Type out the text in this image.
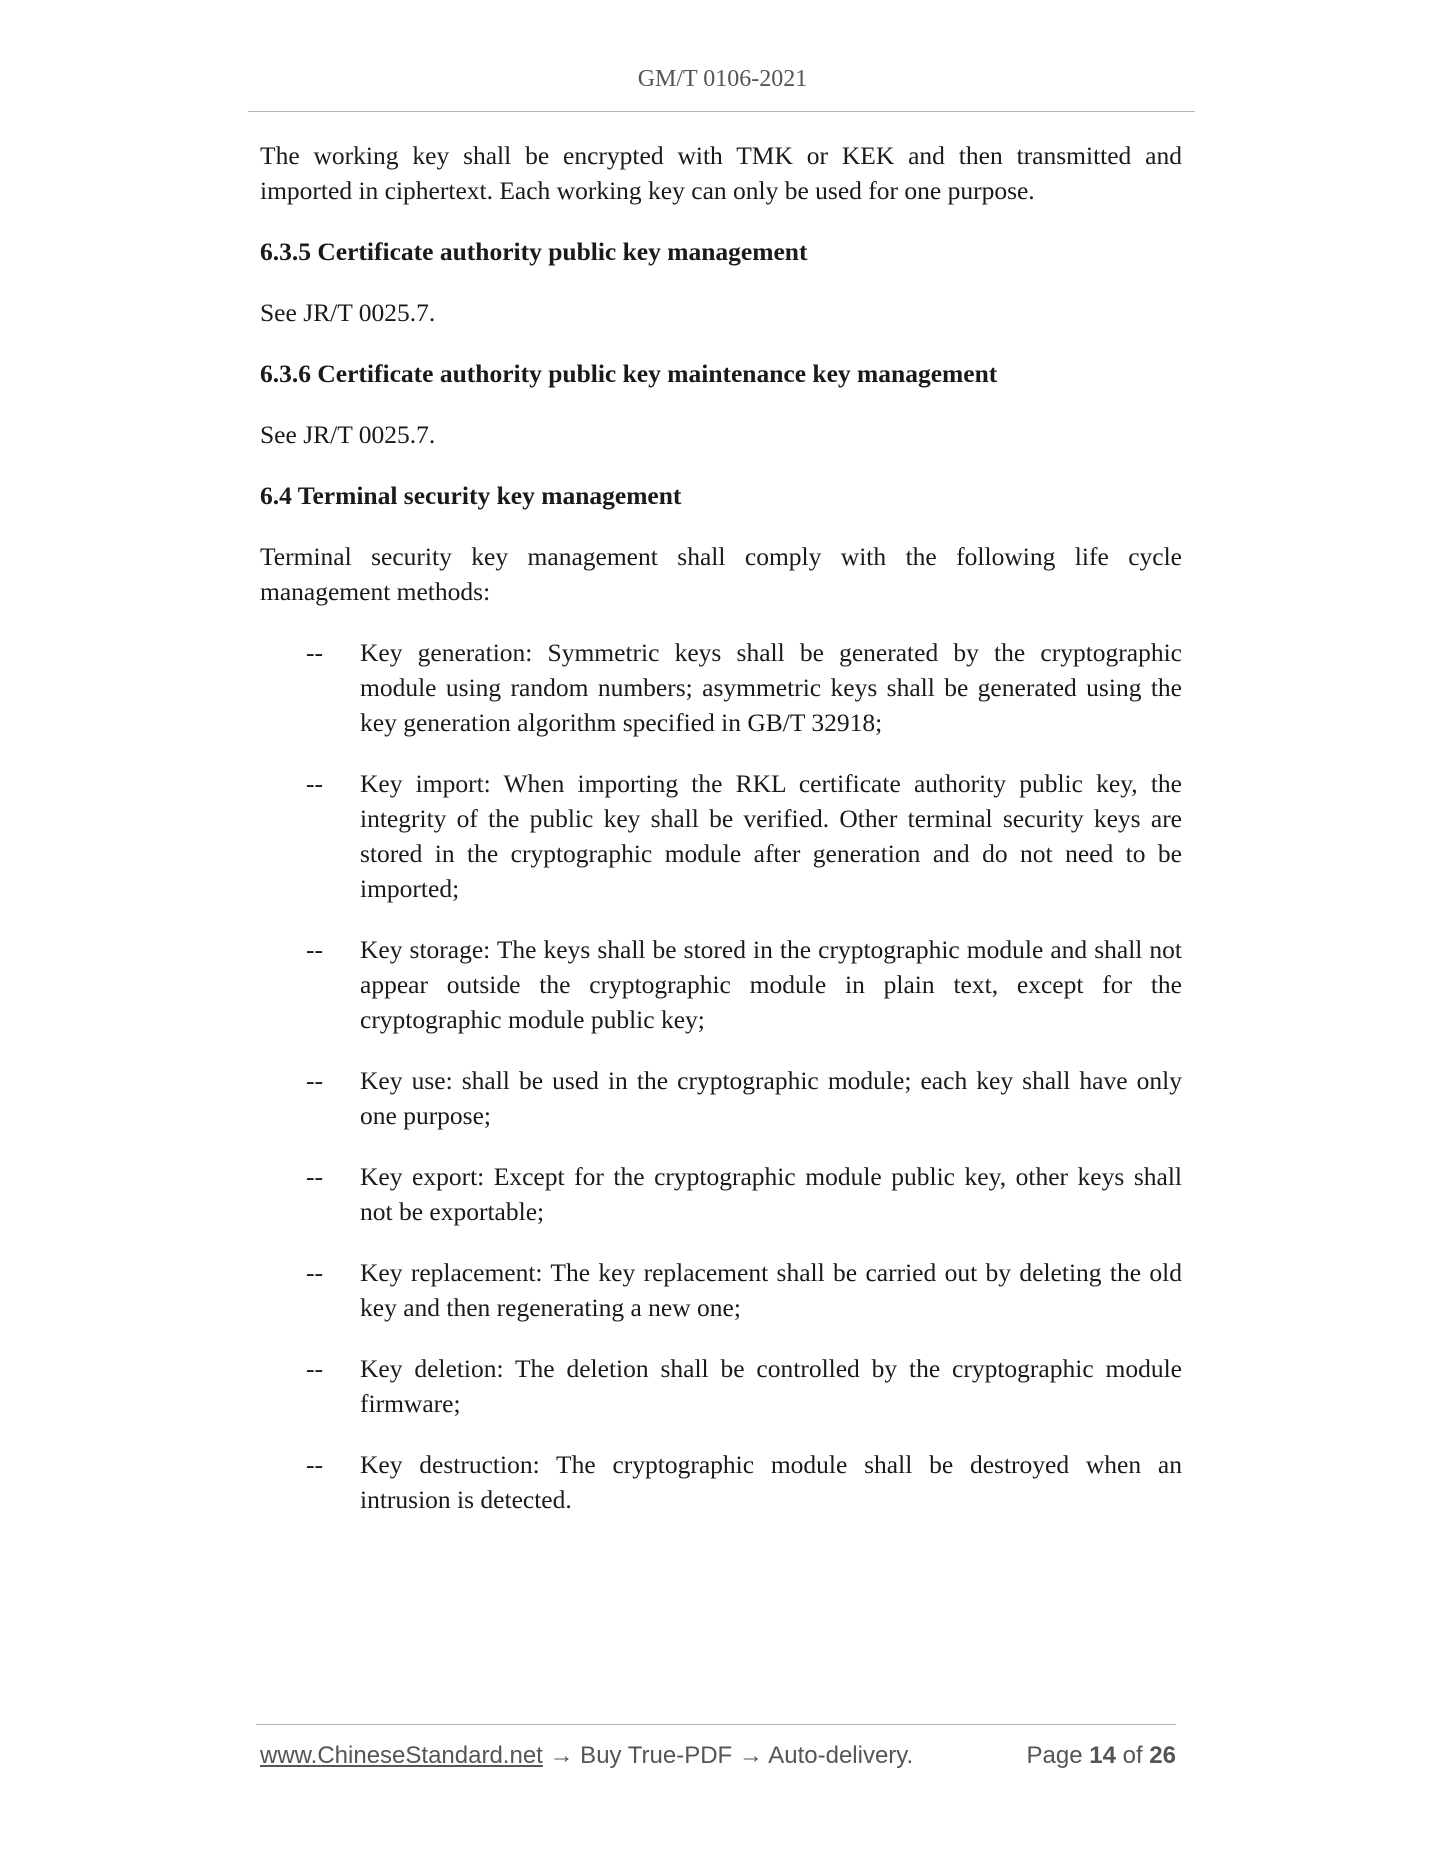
GM/T 0106-2021

The working key shall be encrypted with TMK or KEK and then transmitted and imported in ciphertext. Each working key can only be used for one purpose.

6.3.5 Certificate authority public key management

See JR/T 0025.7.

6.3.6 Certificate authority public key maintenance key management

See JR/T 0025.7.

6.4 Terminal security key management

Terminal security key management shall comply with the following life cycle management methods:

-- Key generation: Symmetric keys shall be generated by the cryptographic module using random numbers; asymmetric keys shall be generated using the key generation algorithm specified in GB/T 32918;
-- Key import: When importing the RKL certificate authority public key, the integrity of the public key shall be verified. Other terminal security keys are stored in the cryptographic module after generation and do not need to be imported;
-- Key storage: The keys shall be stored in the cryptographic module and shall not appear outside the cryptographic module in plain text, except for the cryptographic module public key;
-- Key use: shall be used in the cryptographic module; each key shall have only one purpose;
-- Key export: Except for the cryptographic module public key, other keys shall not be exportable;
-- Key replacement: The key replacement shall be carried out by deleting the old key and then regenerating a new one;
-- Key deletion: The deletion shall be controlled by the cryptographic module firmware;
-- Key destruction: The cryptographic module shall be destroyed when an intrusion is detected.
www.ChineseStandard.net → Buy True-PDF → Auto-delivery.	Page 14 of 26
